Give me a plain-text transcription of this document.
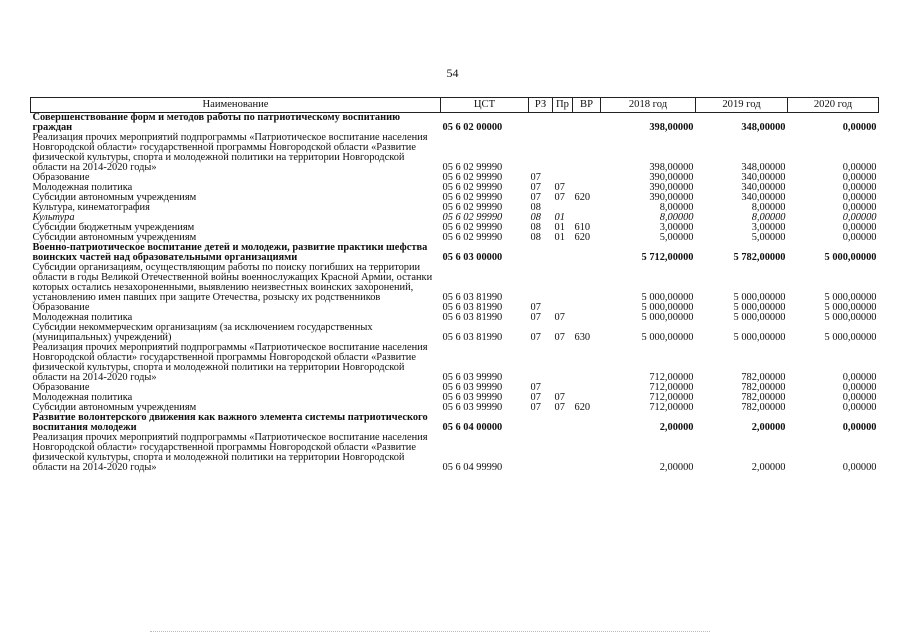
54
Наименование	ЦСТ	РЗ	Пр	ВР	2018 год	2019 год	2020 год
Совершенствование форм и методов работы по патриотическому воспитанию граждан	05 6 02 00000				398,00000	348,00000	0,00000
Реализация прочих мероприятий подпрограммы «Патриотическое воспитание населения Новгородской области» государственной программы Новгородской области «Развитие физической культуры, спорта и молодежной политики на территории Новгородской области на 2014-2020 годы»	05 6 02 99990				398,00000	348,00000	0,00000
Образование	05 6 02 99990	07			390,00000	340,00000	0,00000
Молодежная политика	05 6 02 99990	07	07		390,00000	340,00000	0,00000
Субсидии автономным учреждениям	05 6 02 99990	07	07	620	390,00000	340,00000	0,00000
Культура, кинематография	05 6 02 99990	08			8,00000	8,00000	0,00000
Культура	05 6 02 99990	08	01		8,00000	8,00000	0,00000
Субсидии бюджетным учреждениям	05 6 02 99990	08	01	610	3,00000	3,00000	0,00000
Субсидии автономным учреждениям	05 6 02 99990	08	01	620	5,00000	5,00000	0,00000
Военно-патриотическое воспитание детей и молодежи, развитие практики шефства воинских частей над образовательными организациями	05 6 03 00000				5 712,00000	5 782,00000	5 000,00000
Субсидии организациям, осуществляющим работы по поиску погибших на территории области в годы Великой Отечественной войны военнослужащих Красной Армии, останки которых остались незахороненными, выявлению неизвестных воинских захоронений, установлению имен павших при защите Отечества, розыску их родственников	05 6 03 81990				5 000,00000	5 000,00000	5 000,00000
Образование	05 6 03 81990	07			5 000,00000	5 000,00000	5 000,00000
Молодежная политика	05 6 03 81990	07	07		5 000,00000	5 000,00000	5 000,00000
Субсидии некоммерческим организациям (за исключением государственных (муниципальных) учреждений)	05 6 03 81990	07	07	630	5 000,00000	5 000,00000	5 000,00000
Реализация прочих мероприятий подпрограммы «Патриотическое воспитание населения Новгородской области» государственной программы Новгородской области «Развитие физической культуры, спорта и молодежной политики на территории Новгородской области на 2014-2020 годы»	05 6 03 99990				712,00000	782,00000	0,00000
Образование	05 6 03 99990	07			712,00000	782,00000	0,00000
Молодежная политика	05 6 03 99990	07	07		712,00000	782,00000	0,00000
Субсидии автономным учреждениям	05 6 03 99990	07	07	620	712,00000	782,00000	0,00000
Развитие волонтерского движения как важного элемента системы патриотического воспитания молодежи	05 6 04 00000				2,00000	2,00000	0,00000
Реализация прочих мероприятий подпрограммы «Патриотическое воспитание населения Новгородской области» государственной программы Новгородской области «Развитие физической культуры, спорта и молодежной политики на территории Новгородской области на 2014-2020 годы»	05 6 04 99990				2,00000	2,00000	0,00000
